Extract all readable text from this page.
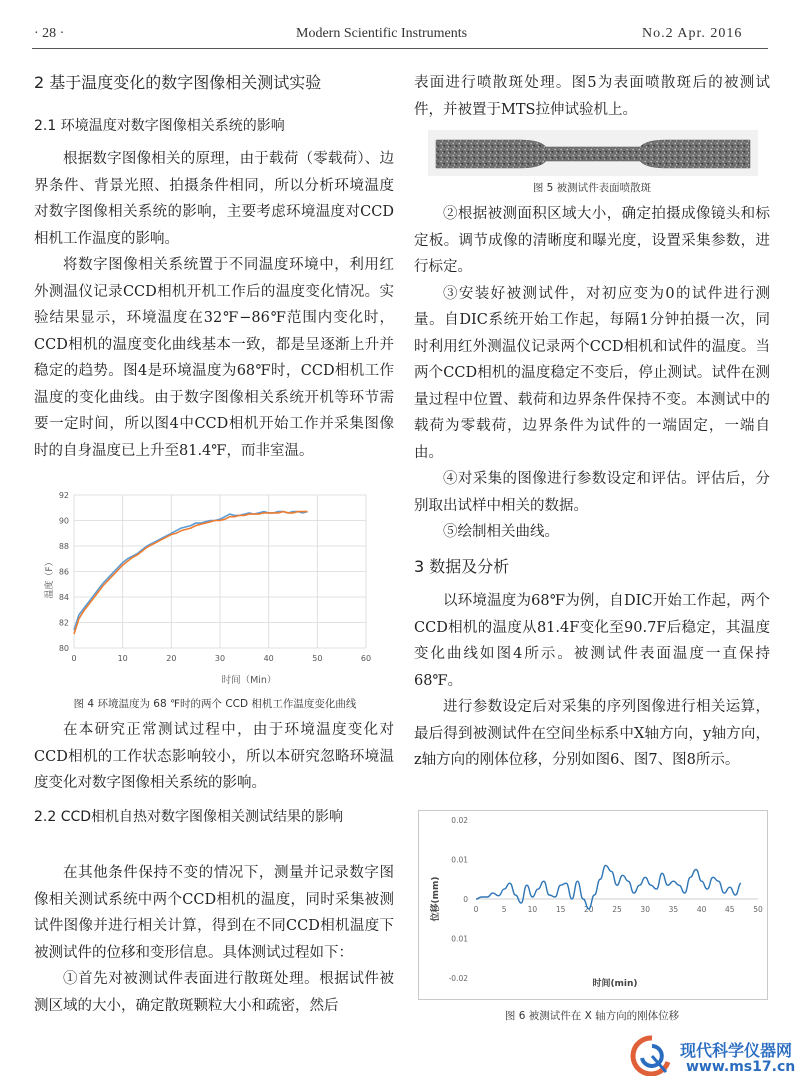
· 28 ·	Modern Scientific Instruments	No.2 Apr. 2016
2 基于温度变化的数字图像相关测试实验
2.1 环境温度对数字图像相关系统的影响

根据数字图像相关的原理，由于载荷（零载荷）、边界条件、背景光照、拍摄条件相同，所以分析环境温度对数字图像相关系统的影响，主要考虑环境温度对CCD相机工作温度的影响。

将数字图像相关系统置于不同温度环境中，利用红外测温仪记录CCD相机开机工作后的温度变化情况。实验结果显示，环境温度在32℉−86℉范围内变化时，CCD相机的温度变化曲线基本一致，都是呈逐渐上升并稳定的趋势。图4是环境温度为68℉时，CCD相机工作温度的变化曲线。由于数字图像相关系统开机等环节需要一定时间，所以图4中CCD相机开始工作并采集图像时的自身温度已上升至81.4℉，而非室温。

80
82
84
86
88
90
92
0	10	20	30	40	50	60
时间（Min）
温度（F）
图 4 环境温度为 68 ℉时的两个 CCD 相机工作温度变化曲线

在本研究正常测试过程中，由于环境温度变化对CCD相机的工作状态影响较小，所以本研究忽略环境温度变化对数字图像相关系统的影响。

2.2 CCD相机自热对数字图像相关测试结果的影响

在其他条件保持不变的情况下，测量并记录数字图像相关测试系统中两个CCD相机的温度，同时采集被测试件图像并进行相关计算，得到在不同CCD相机温度下被测试件的位移和变形信息。具体测试过程如下：

①首先对被测试件表面进行散斑处理。根据试件被测区域的大小，确定散斑颗粒大小和疏密，然后

表面进行喷散斑处理。图5为表面喷散斑后的被测试件，并被置于MTS拉伸试验机上。

图 5 被测试件表面喷散斑

②根据被测面积区域大小，确定拍摄成像镜头和标定板。调节成像的清晰度和曝光度，设置采集参数，进行标定。

③安装好被测试件，对初应变为0的试件进行测量。自DIC系统开始工作起，每隔1分钟拍摄一次，同时利用红外测温仪记录两个CCD相机和试件的温度。当两个CCD相机的温度稳定不变后，停止测试。试件在测量过程中位置、载荷和边界条件保持不变。本测试中的载荷为零载荷，边界条件为试件的一端固定，一端自由。

④对采集的图像进行参数设定和评估。评估后，分别取出试样中相关的数据。

⑤绘制相关曲线。

3 数据及分析

以环境温度为68℉为例，自DIC开始工作起，两个CCD相机的温度从81.4F变化至90.7F后稳定，其温度变化曲线如图4所示。被测试件表面温度一直保持68℉。

进行参数设定后对采集的序列图像进行相关运算，最后得到被测试件在空间坐标系中X轴方向，y轴方向，z轴方向的刚体位移，分别如图6、图7、图8所示。

0.02
0.01
0
0.01
-0.02
0	5	10 15 20 25 30 35 40 45 50
时间(min)
位移(mm)
图 6 被测试件在 X 轴方向的刚体位移
现代科学仪器网
www.ms17.cn
